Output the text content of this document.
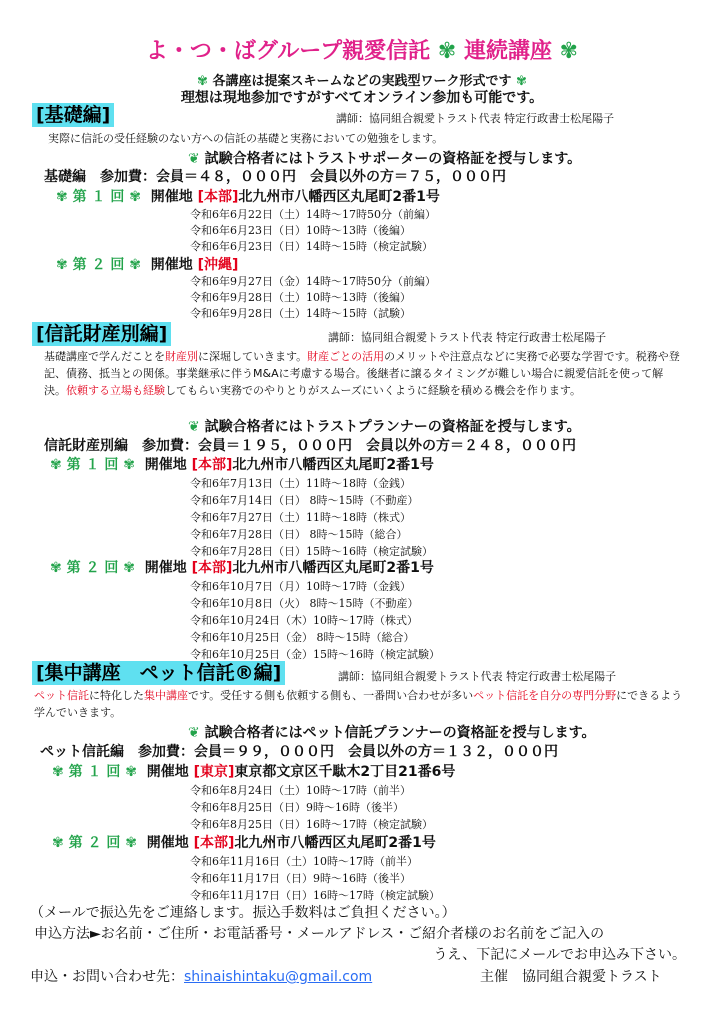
よ・つ・ばグループ親愛信託 ✾ 連続講座 ✾
✾ 各講座は提案スキームなどの実践型ワーク形式です ✾
理想は現地参加ですがすべてオンライン参加も可能です。
[基礎編]	講師：協同組合親愛トラスト代表 特定行政書士松尾陽子
実際に信託の受任経験のない方への信託の基礎と実務においての勉強をします。
❦ 試験合格者にはトラストサポーターの資格証を授与します。
基礎編　参加費：会員＝４８，０００円　会員以外の方＝７５，０００円
✾ 第 １ 回 ✾ 開催地 [本部]北九州市八幡西区丸尾町2番1号
令和6年6月22日（土）14時～17時50分（前編）
令和6年6月23日（日）10時～13時（後編）
令和6年6月23日（日）14時～15時（検定試験）
✾ 第 ２ 回 ✾ 開催地 [沖縄]
令和6年9月27日（金）14時～17時50分（前編）
令和6年9月28日（土）10時～13時（後編）
令和6年9月28日（土）14時～15時（試験）
[信託財産別編]	講師：協同組合親愛トラスト代表 特定行政書士松尾陽子
基礎講座で学んだことを財産別に深堀していきます。財産ごとの活用のメリットや注意点などに実務で必要な学習です。税務や登記、債務、抵当との関係。事業継承に伴うM&Aに考慮する場合。後継者に譲るタイミングが難しい場合に親愛信託を使って解決。依頼する立場も経験してもらい実務でのやりとりがスムーズにいくように経験を積める機会を作ります。
❦ 試験合格者にはトラストプランナーの資格証を授与します。
信託財産別編　参加費：会員＝１９５，０００円　会員以外の方＝２４８，０００円
✾ 第 １ 回 ✾ 開催地 [本部]北九州市八幡西区丸尾町2番1号
令和6年7月13日（土）11時～18時（金銭）
令和6年7月14日（日） 8時～15時（不動産）
令和6年7月27日（土）11時～18時（株式）
令和6年7月28日（日） 8時～15時（総合）
令和6年7月28日（日）15時～16時（検定試験）
✾ 第 ２ 回 ✾ 開催地 [本部]北九州市八幡西区丸尾町2番1号
令和6年10月7日（月）10時～17時（金銭）
令和6年10月8日（火） 8時～15時（不動産）
令和6年10月24日（木）10時～17時（株式）
令和6年10月25日（金） 8時～15時（総合）
令和6年10月25日（金）15時～16時（検定試験）
[集中講座　ペット信託®編]	講師：協同組合親愛トラスト代表 特定行政書士松尾陽子
ペット信託に特化した集中講座です。受任する側も依頼する側も、一番問い合わせが多いペット信託を自分の専門分野にできるよう学んでいきます。
❦ 試験合格者にはペット信託プランナーの資格証を授与します。
ペット信託編　参加費：会員＝９９，０００円　会員以外の方＝１３２，０００円
✾ 第 １ 回 ✾ 開催地 [東京]東京都文京区千駄木2丁目21番6号
令和6年8月24日（土）10時～17時（前半）
令和6年8月25日（日）9時～16時（後半）
令和6年8月25日（日）16時～17時（検定試験）
✾ 第 ２ 回 ✾ 開催地 [本部]北九州市八幡西区丸尾町2番1号
令和6年11月16日（土）10時～17時（前半）
令和6年11月17日（日）9時～16時（後半）
令和6年11月17日（日）16時～17時（検定試験）
（メールで振込先をご連絡します。振込手数料はご負担ください。）
申込方法►お名前・ご住所・お電話番号・メールアドレス・ご紹介者様のお名前をご記入の
うえ、下記にメールでお申込み下さい。
申込・お問い合わせ先：shinaishintaku@gmail.com	主催　協同組合親愛トラスト
